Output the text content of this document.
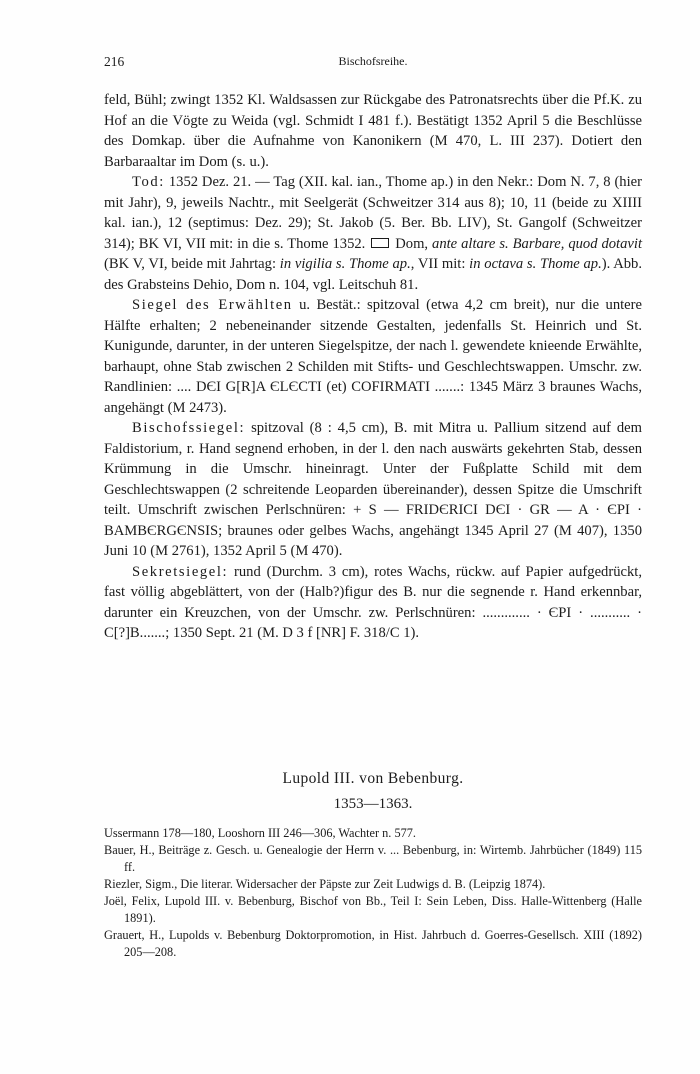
216	Bischofsreihe.

feld, Bühl; zwingt 1352 Kl. Waldsassen zur Rückgabe des Patronatsrechts über die Pf.K. zu Hof an die Vögte zu Weida (vgl. Schmidt I 481 f.). Bestätigt 1352 April 5 die Beschlüsse des Domkap. über die Aufnahme von Kanonikern (M 470, L. III 237). Dotiert den Barbaraaltar im Dom (s. u.).

Tod: 1352 Dez. 21. — Tag (XII. kal. ian., Thome ap.) in den Nekr.: Dom N. 7, 8 (hier mit Jahr), 9, jeweils Nachtr., mit Seelgerät (Schweitzer 314 aus 8); 10, 11 (beide zu XIIII kal. ian.), 12 (septimus: Dez. 29); St. Jakob (5. Ber. Bb. LIV), St. Gangolf (Schweitzer 314); BK VI, VII mit: in die s. Thome 1352.  Dom, ante altare s. Barbare, quod dotavit (BK V, VI, beide mit Jahrtag: in vigilia s. Thome ap., VII mit: in octava s. Thome ap.). Abb. des Grabsteins Dehio, Dom n. 104, vgl. Leitschuh 81.

Siegel des Erwählten u. Bestät.: spitzoval (etwa 4,2 cm breit), nur die untere Hälfte erhalten; 2 nebeneinander sitzende Gestalten, jedenfalls St. Heinrich und St. Kunigunde, darunter, in der unteren Siegelspitze, der nach l. gewendete knieende Erwählte, barhaupt, ohne Stab zwischen 2 Schilden mit Stifts- und Geschlechtswappen. Umschr. zw. Randlinien: .... DЄI G[R]A ЄLЄCTI (et) COFIRMATI .......: 1345 März 3 braunes Wachs, angehängt (M 2473).

Bischofssiegel: spitzoval (8 : 4,5 cm), B. mit Mitra u. Pallium sitzend auf dem Faldistorium, r. Hand segnend erhoben, in der l. den nach auswärts gekehrten Stab, dessen Krümmung in die Umschr. hineinragt. Unter der Fußplatte Schild mit dem Geschlechtswappen (2 schreitende Leoparden übereinander), dessen Spitze die Umschrift teilt. Umschrift zwischen Perlschnüren: + S — FRIDЄRICI DЄI · GR — A · ЄPI · BAMBЄRGЄNSIS; braunes oder gelbes Wachs, angehängt 1345 April 27 (M 407), 1350 Juni 10 (M 2761), 1352 April 5 (M 470).

Sekretsiegel: rund (Durchm. 3 cm), rotes Wachs, rückw. auf Papier aufgedrückt, fast völlig abgeblättert, von der (Halb?)figur des B. nur die segnende r. Hand erkennbar, darunter ein Kreuzchen, von der Umschr. zw. Perlschnüren: ............. · ЄPI · ........... · C[?]B.......; 1350 Sept. 21 (M. D 3 f [NR] F. 318/C 1).

Lupold III. von Bebenburg.
1353—1363.
Ussermann 178—180, Looshorn III 246—306, Wachter n. 577.
Bauer, H., Beiträge z. Gesch. u. Genealogie der Herrn v. ... Bebenburg, in: Wirtemb. Jahrbücher (1849) 115 ff.
Riezler, Sigm., Die literar. Widersacher der Päpste zur Zeit Ludwigs d. B. (Leipzig 1874).
Joël, Felix, Lupold III. v. Bebenburg, Bischof von Bb., Teil I: Sein Leben, Diss. Halle-Wittenberg (Halle 1891).
Grauert, H., Lupolds v. Bebenburg Doktorpromotion, in Hist. Jahrbuch d. Goerres-Gesellsch. XIII (1892) 205—208.
